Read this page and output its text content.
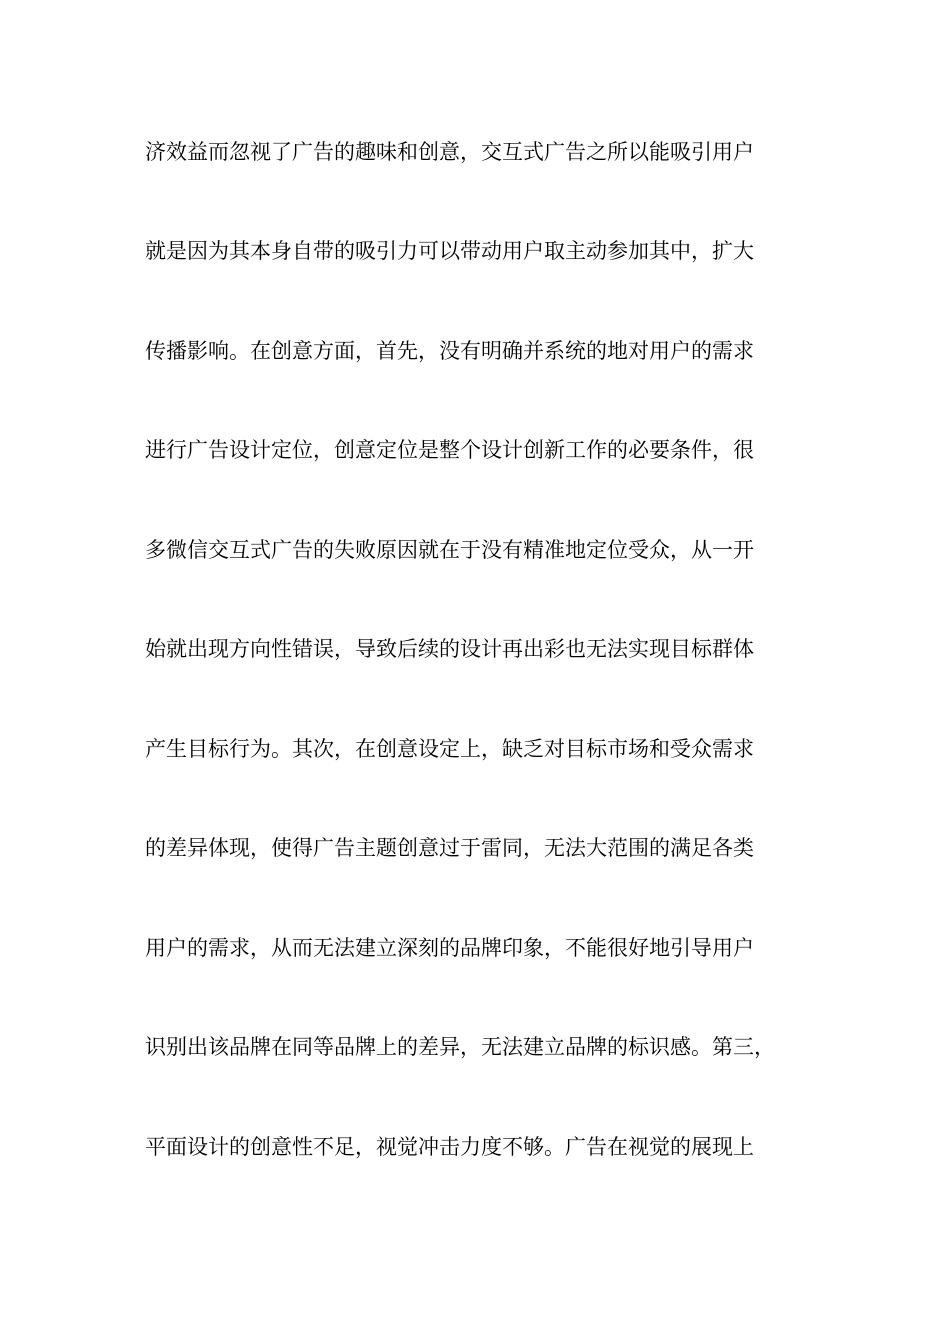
济效益而忽视了广告的趣味和创意，交互式广告之所以能吸引用户
就是因为其本身自带的吸引力可以带动用户取主动参加其中，扩大
传播影响。在创意方面，首先，没有明确并系统的地对用户的需求
进行广告设计定位，创意定位是整个设计创新工作的必要条件，很
多微信交互式广告的失败原因就在于没有精准地定位受众，从一开
始就出现方向性错误，导致后续的设计再出彩也无法实现目标群体
产生目标行为。其次，在创意设定上，缺乏对目标市场和受众需求
的差异体现，使得广告主题创意过于雷同，无法大范围的满足各类
用户的需求，从而无法建立深刻的品牌印象，不能很好地引导用户
识别出该品牌在同等品牌上的差异，无法建立品牌的标识感。第三，
平面设计的创意性不足，视觉冲击力度不够。广告在视觉的展现上
